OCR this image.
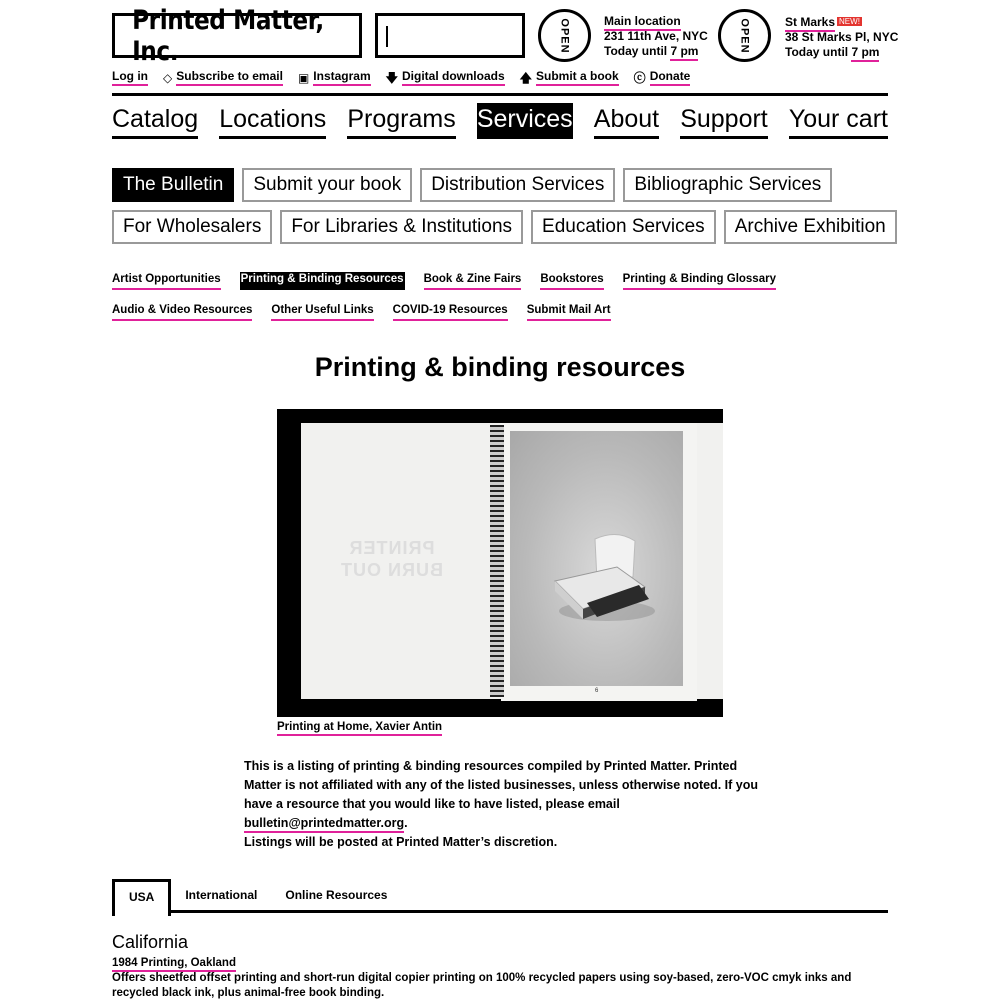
Printed Matter, Inc.	OPEN	Main location
231 11th Ave, NYC
Today until 7 pm	OPEN	St Marks NEW!
38 St Marks Pl, NYC
Today until 7 pm
Log in ◇ Subscribe to email ▣ Instagram 🡇 Digital downloads 🡅 Submit a book ⓒ Donate
Catalog Locations Programs Services About Support Your cart
The Bulletin	Submit your book	Distribution Services	Bibliographic Services
For Wholesalers	For Libraries & Institutions	Education Services	Archive Exhibition
Artist Opportunities Printing & Binding Resources Book & Zine Fairs Bookstores Printing & Binding Glossary
Audio & Video Resources Other Useful Links COVID-19 Resources Submit Mail Art
Printing & binding resources
PRINTER
BURN OUT
6
Printing at Home, Xavier Antin
This is a listing of printing & binding resources compiled by Printed Matter. Printed Matter is not affiliated with any of the listed businesses, unless otherwise noted. If you have a resource that you would like to have listed, please email bulletin@printedmatter.org.
Listings will be posted at Printed Matter’s discretion.
USA	International	Online Resources
California
1984 Printing, Oakland
Offers sheetfed offset printing and short-run digital copier printing on 100% recycled papers using soy-based, zero-VOC cmyk inks and recycled black ink, plus animal-free book binding.
